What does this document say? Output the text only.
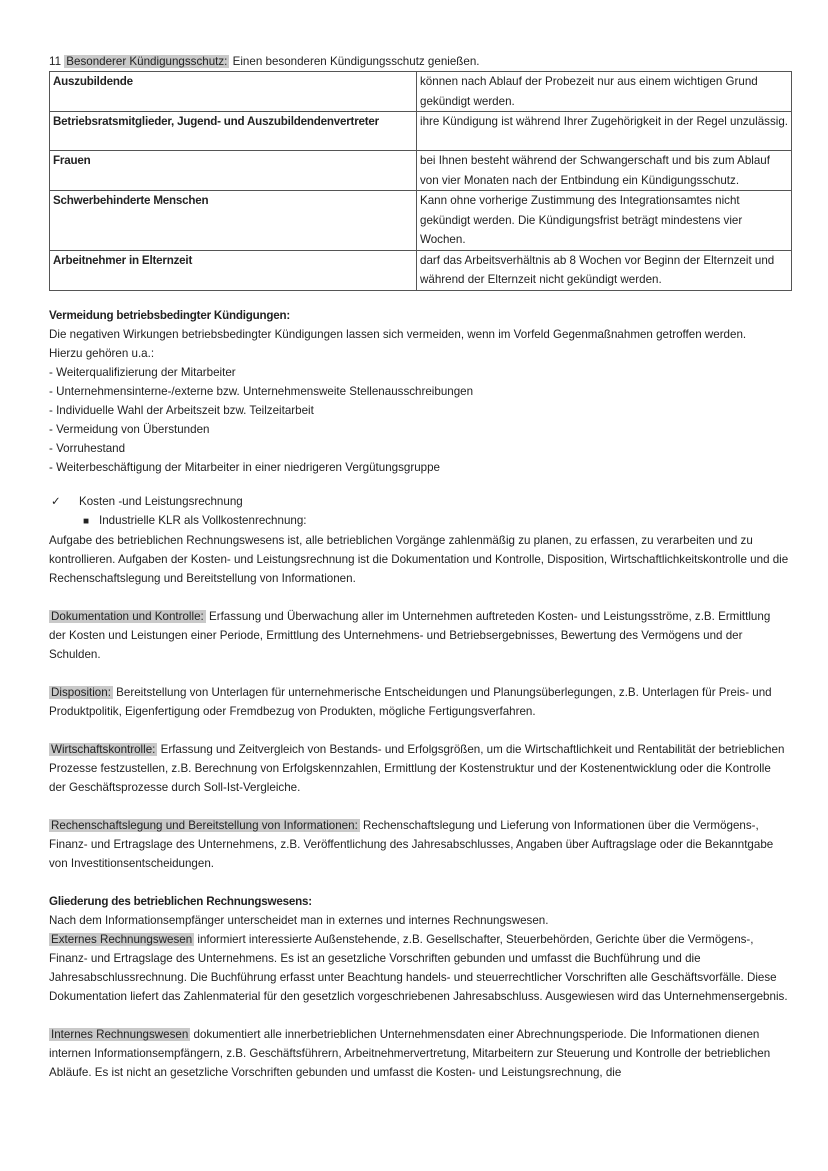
11 Besonderer Kündigungsschutz: Einen besonderen Kündigungsschutz genießen.

Auszubildende	können nach Ablauf der Probezeit nur aus einem wichtigen Grund gekündigt werden.
Betriebsratsmitglieder, Jugend- und Auszubildendenvertreter	ihre Kündigung ist während Ihrer Zugehörigkeit in der Regel unzulässig.
Frauen	bei Ihnen besteht während der Schwangerschaft und bis zum Ablauf von vier Monaten nach der Entbindung ein Kündigungsschutz.
Schwerbehinderte Menschen	Kann ohne vorherige Zustimmung des Integrationsamtes nicht gekündigt werden. Die Kündigungsfrist beträgt mindestens vier Wochen.
Arbeitnehmer in Elternzeit	darf das Arbeitsverhältnis ab 8 Wochen vor Beginn der Elternzeit und während der Elternzeit nicht gekündigt werden.
Vermeidung betriebsbedingter Kündigungen:

Die negativen Wirkungen betriebsbedingter Kündigungen lassen sich vermeiden, wenn im Vorfeld Gegenmaßnahmen getroffen werden.

Hierzu gehören u.a.:

- Weiterqualifizierung der Mitarbeiter
- Unternehmensinterne-/externe bzw. Unternehmensweite Stellenausschreibungen
- Individuelle Wahl der Arbeitszeit bzw. Teilzeitarbeit
- Vermeidung von Überstunden
- Vorruhestand
- Weiterbeschäftigung der Mitarbeiter in einer niedrigeren Vergütungsgruppe

✓ Kosten -und Leistungsrechnung

■ Industrielle KLR als Vollkostenrechnung:

Aufgabe des betrieblichen Rechnungswesens ist, alle betrieblichen Vorgänge zahlenmäßig zu planen, zu erfassen, zu verarbeiten und zu kontrollieren. Aufgaben der Kosten- und Leistungsrechnung ist die Dokumentation und Kontrolle, Disposition, Wirtschaftlichkeitskontrolle und die Rechenschaftslegung und Bereitstellung von Informationen.

Dokumentation und Kontrolle: Erfassung und Überwachung aller im Unternehmen auftreteden Kosten- und Leistungsströme, z.B. Ermittlung der Kosten und Leistungen einer Periode, Ermittlung des Unternehmens- und Betriebsergebnisses, Bewertung des Vermögens und der Schulden.

Disposition: Bereitstellung von Unterlagen für unternehmerische Entscheidungen und Planungsüberlegungen, z.B. Unterlagen für Preis- und Produktpolitik, Eigenfertigung oder Fremdbezug von Produkten, mögliche Fertigungsverfahren.

Wirtschaftskontrolle: Erfassung und Zeitvergleich von Bestands- und Erfolgsgrößen, um die Wirtschaftlichkeit und Rentabilität der betrieblichen Prozesse festzustellen, z.B. Berechnung von Erfolgskennzahlen, Ermittlung der Kostenstruktur und der Kostenentwicklung oder die Kontrolle der Geschäftsprozesse durch Soll-Ist-Vergleiche.

Rechenschaftslegung und Bereitstellung von Informationen: Rechenschaftslegung und Lieferung von Informationen über die Vermögens-, Finanz- und Ertragslage des Unternehmens, z.B. Veröffentlichung des Jahresabschlusses, Angaben über Auftragslage oder die Bekanntgabe von Investitionsentscheidungen.

Gliederung des betrieblichen Rechnungswesens:

Nach dem Informationsempfänger unterscheidet man in externes und internes Rechnungswesen.

Externes Rechnungswesen informiert interessierte Außenstehende, z.B. Gesellschafter, Steuerbehörden, Gerichte über die Vermögens-, Finanz- und Ertragslage des Unternehmens. Es ist an gesetzliche Vorschriften gebunden und umfasst die Buchführung und die Jahresabschlussrechnung. Die Buchführung erfasst unter Beachtung handels- und steuerrechtlicher Vorschriften alle Geschäftsvorfälle. Diese Dokumentation liefert das Zahlenmaterial für den gesetzlich vorgeschriebenen Jahresabschluss. Ausgewiesen wird das Unternehmensergebnis.

Internes Rechnungswesen dokumentiert alle innerbetrieblichen Unternehmensdaten einer Abrechnungsperiode. Die Informationen dienen internen Informationsempfängern, z.B. Geschäftsführern, Arbeitnehmervertretung, Mitarbeitern zur Steuerung und Kontrolle der betrieblichen Abläufe. Es ist nicht an gesetzliche Vorschriften gebunden und umfasst die Kosten- und Leistungsrechnung, die
